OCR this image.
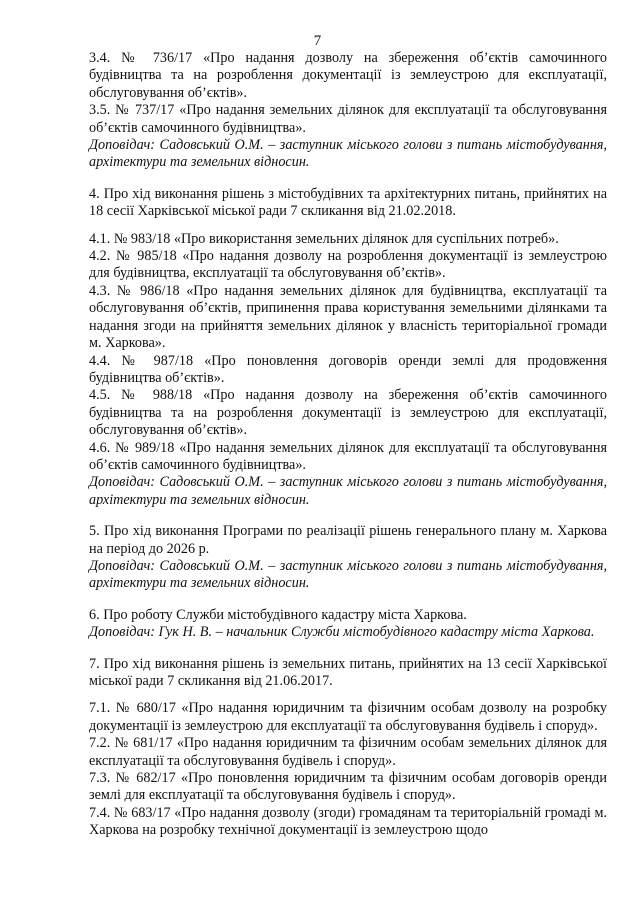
7

3.4. № 736/17 «Про надання дозволу на збереження об’єктів самочинного будівництва та на розроблення документації із землеустрою для експлуатації, обслуговування об’єктів».

3.5. № 737/17 «Про надання земельних ділянок для експлуатації та обслуговування об’єктів самочинного будівництва».

Доповідач: Садовський О.М. – заступник міського голови з питань містобудування, архітектури та земельних відносин.

4. Про хід виконання рішень з містобудівних та архітектурних питань, прийнятих на 18 сесії Харківської міської ради 7 скликання від 21.02.2018.

4.1. № 983/18 «Про використання земельних ділянок для суспільних потреб».

4.2. № 985/18 «Про надання дозволу на розроблення документації із землеустрою для будівництва, експлуатації та обслуговування об’єктів».

4.3. № 986/18 «Про надання земельних ділянок для будівництва, експлуатації та обслуговування об’єктів, припинення права користування земельними ділянками та надання згоди на прийняття земельних ділянок у власність територіальної громади м. Харкова».

4.4. № 987/18 «Про поновлення договорів оренди землі для продовження будівництва об’єктів».

4.5. № 988/18 «Про надання дозволу на збереження об’єктів самочинного будівництва та на розроблення документації із землеустрою для експлуатації, обслуговування об’єктів».

4.6. № 989/18 «Про надання земельних ділянок для експлуатації та обслуговування об’єктів самочинного будівництва».

Доповідач: Садовський О.М. – заступник міського голови з питань містобудування, архітектури та земельних відносин.

5. Про хід виконання Програми по реалізації рішень генерального плану м. Харкова на період до 2026 р.

Доповідач: Садовський О.М. – заступник міського голови з питань містобудування, архітектури та земельних відносин.

6. Про роботу Служби містобудівного кадастру міста Харкова.

Доповідач: Гук Н. В. – начальник Служби містобудівного кадастру міста Харкова.

7. Про хід виконання рішень із земельних питань, прийнятих на 13 сесії Харківської міської ради 7 скликання від 21.06.2017.

7.1. № 680/17 «Про надання юридичним та фізичним особам дозволу на розробку документації із землеустрою для експлуатації та обслуговування будівель і споруд».

7.2. № 681/17 «Про надання юридичним та фізичним особам земельних ділянок для експлуатації та обслуговування будівель і споруд».

7.3. № 682/17 «Про поновлення юридичним та фізичним особам договорів оренди землі для експлуатації та обслуговування будівель і споруд».

7.4. № 683/17 «Про надання дозволу (згоди) громадянам та територіальній громаді м. Харкова на розробку технічної документації із землеустрою щодо
